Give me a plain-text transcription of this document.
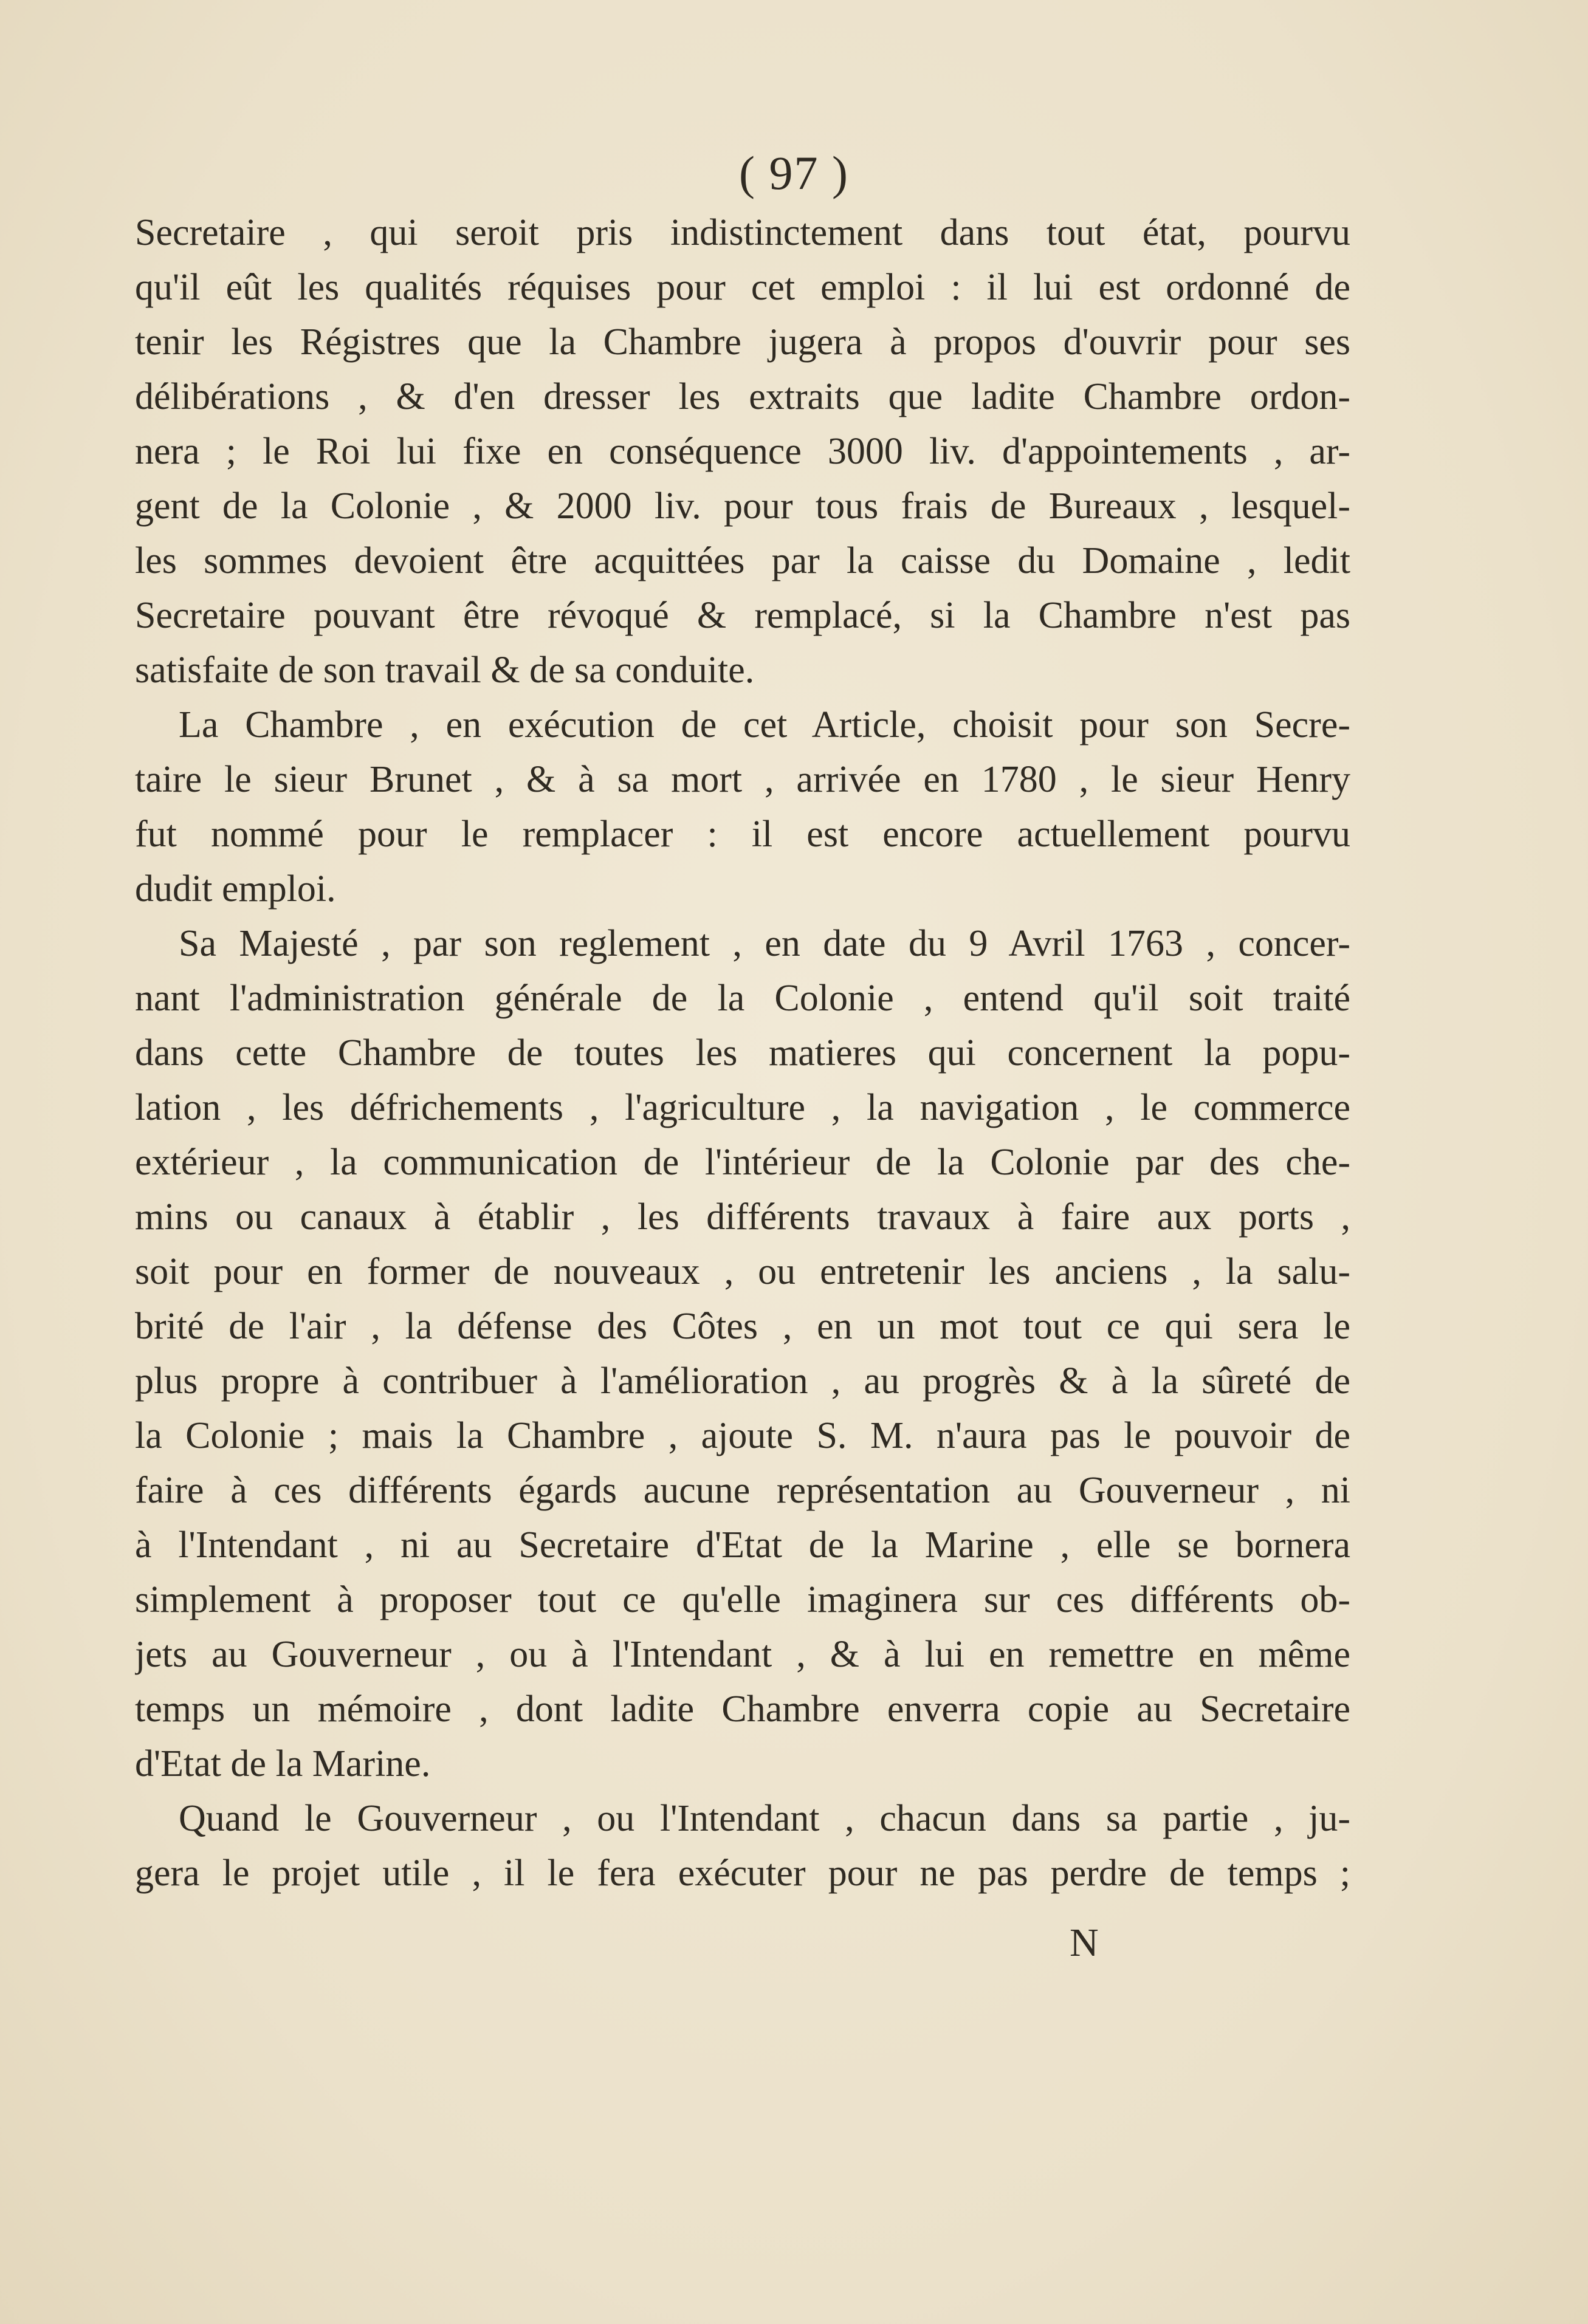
( 97 )
Secretaire , qui seroit pris indistinctement dans tout état, pourvu
qu'il eût les qualités réquises pour cet emploi : il lui est ordonné de
tenir les Régistres que la Chambre jugera à propos d'ouvrir pour ses
délibérations , & d'en dresser les extraits que ladite Chambre ordon-
nera ; le Roi lui fixe en conséquence 3000 liv. d'appointements , ar-
gent de la Colonie , & 2000 liv. pour tous frais de Bureaux , lesquel-
les sommes devoient être acquittées par la caisse du Domaine , ledit
Secretaire pouvant être révoqué & remplacé, si la Chambre n'est pas
satisfaite de son travail & de sa conduite.
La Chambre , en exécution de cet Article, choisit pour son Secre-
taire le sieur Brunet , & à sa mort , arrivée en 1780 , le sieur Henry
fut nommé pour le remplacer : il est encore actuellement pourvu
dudit emploi.
Sa Majesté , par son reglement , en date du 9 Avril 1763 , concer-
nant l'administration générale de la Colonie , entend qu'il soit traité
dans cette Chambre de toutes les matieres qui concernent la popu-
lation , les défrichements , l'agriculture , la navigation , le commerce
extérieur , la communication de l'intérieur de la Colonie par des che-
mins ou canaux à établir , les différents travaux à faire aux ports ,
soit pour en former de nouveaux , ou entretenir les anciens , la salu-
brité de l'air , la défense des Côtes , en un mot tout ce qui sera le
plus propre à contribuer à l'amélioration , au progrès & à la sûreté de
la Colonie ; mais la Chambre , ajoute S. M. n'aura pas le pouvoir de
faire à ces différents égards aucune représentation au Gouverneur , ni
à l'Intendant , ni au Secretaire d'Etat de la Marine , elle se bornera
simplement à proposer tout ce qu'elle imaginera sur ces différents ob-
jets au Gouverneur , ou à l'Intendant , & à lui en remettre en même
temps un mémoire , dont ladite Chambre enverra copie au Secretaire
d'Etat de la Marine.
Quand le Gouverneur , ou l'Intendant , chacun dans sa partie , ju-
gera le projet utile , il le fera exécuter pour ne pas perdre de temps ;
N
